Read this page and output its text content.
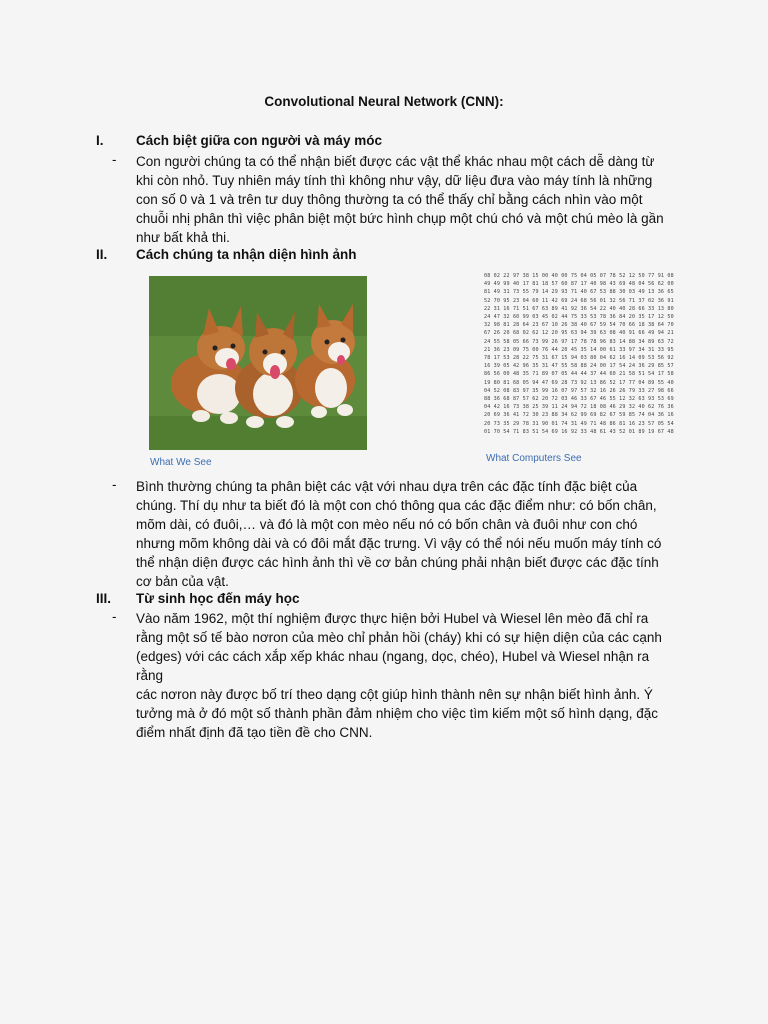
Convolutional Neural Network (CNN):
I.	Cách biệt giữa con người và máy móc
- Con người chúng ta có thể nhận biết được các vật thể khác nhau một cách dễ dàng từ
khi còn nhỏ. Tuy nhiên máy tính thì không như vậy, dữ liệu đưa vào máy tính là những
con số 0 và 1 và trên tư duy thông thường ta có thể thấy chỉ bằng cách nhìn vào một
chuỗi nhị phân thì việc phân biệt một bức hình chụp một chú chó và một chú mèo là gần
như bất khả thi.
II.	Cách chúng ta nhận diện hình ảnh
What We See
08 02 22 97 38 15 00 40 00 75 04 05 07 78 52 12 50 77 91 08
49 49 99 40 17 81 18 57 60 87 17 40 98 43 69 48 04 56 62 00
81 49 31 73 55 79 14 29 93 71 40 67 53 88 30 03 49 13 36 65
52 70 95 23 04 60 11 42 69 24 68 56 01 32 56 71 37 02 36 91
22 31 16 71 51 67 63 89 41 92 36 54 22 40 40 28 66 33 13 80
24 47 32 60 99 03 45 02 44 75 33 53 78 36 84 20 35 17 12 50
32 98 81 28 64 23 67 10 26 38 40 67 59 54 70 66 18 38 64 70
67 26 20 68 02 62 12 20 95 63 94 39 63 08 40 91 66 49 94 21
24 55 58 05 66 73 99 26 97 17 78 78 96 83 14 88 34 89 63 72
21 36 23 09 75 00 76 44 20 45 35 14 00 61 33 97 34 31 33 95
78 17 53 28 22 75 31 67 15 94 03 80 04 62 16 14 09 53 56 92
16 39 05 42 96 35 31 47 55 58 88 24 00 17 54 24 36 29 85 57
86 56 00 48 35 71 89 07 05 44 44 37 44 60 21 58 51 54 17 58
19 80 81 68 05 94 47 69 28 73 92 13 86 52 17 77 04 89 55 40
04 52 08 83 97 35 99 16 07 97 57 32 16 26 26 79 33 27 98 66
88 36 68 87 57 62 20 72 03 46 33 67 46 55 12 32 63 93 53 69
04 42 16 73 38 25 39 11 24 94 72 18 08 46 29 32 40 62 76 36
20 69 36 41 72 30 23 88 34 62 99 69 82 67 59 85 74 04 36 16
20 73 35 29 78 31 90 01 74 31 49 71 48 86 81 16 23 57 05 54
01 70 54 71 83 51 54 69 16 92 33 48 61 43 52 01 89 19 67 48
What Computers See
- Bình thường chúng ta phân biệt các vật với nhau dựa trên các đặc tính đặc biệt của
chúng. Thí dụ như ta biết đó là một con chó thông qua các đặc điểm như: có bốn chân,
mõm dài, có đuôi,… và đó là một con mèo nếu nó có bốn chân và đuôi như con chó
nhưng mõm không dài và có đôi mắt đặc trưng. Vì vậy có thể nói nếu muốn máy tính có
thể nhận diện được các hình ảnh thì về cơ bản chúng phải nhận biết được các đặc tính
cơ bản của vật.
III.	Từ sinh học đến máy học
- Vào năm 1962, một thí nghiệm được thực hiện bởi Hubel và Wiesel lên mèo đã chỉ ra
rằng một số tế bào nơron của mèo chỉ phản hồi (cháy) khi có sự hiện diện của các cạnh
(edges) với các cách xắp xếp khác nhau (ngang, dọc, chéo), Hubel và Wiesel nhận ra rằng
các nơron này được bố trí theo dạng cột giúp hình thành nên sự nhận biết hình ảnh. Ý
tưởng mà ở đó một số thành phần đảm nhiệm cho việc tìm kiếm một số hình dạng, đặc
điểm nhất định đã tạo tiền đề cho CNN.
